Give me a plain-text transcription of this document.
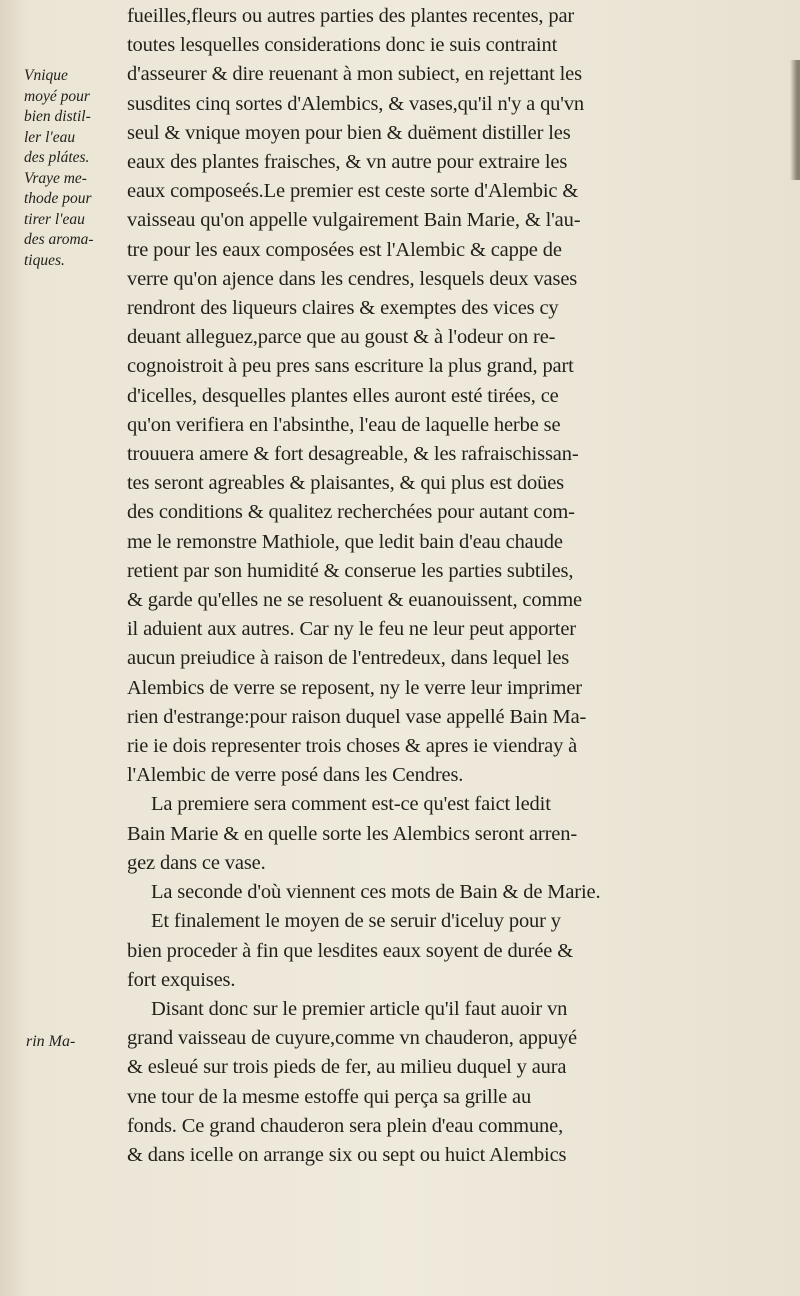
Vnique
moyé pour
bien distil-
ler l'eau
des plátes.
Vraye me-
thode pour
tirer l'eau
des aroma-
tiques.
rin Ma-
fueilles,fleurs ou autres parties des plantes recentes, par
toutes lesquelles considerations donc ie suis contraint
d'asseurer & dire reuenant à mon subiect, en rejettant les
susdites cinq sortes d'Alembics, & vases,qu'il n'y a qu'vn
seul & vnique moyen pour bien & duëment distiller les
eaux des plantes fraisches, & vn autre pour extraire les
eaux composeés.Le premier est ceste sorte d'Alembic &
vaisseau qu'on appelle vulgairement Bain Marie, & l'au-
tre pour les eaux composées est l'Alembic & cappe de
verre qu'on ajence dans les cendres, lesquels deux vases
rendront des liqueurs claires & exemptes des vices cy
deuant alleguez,parce que au goust & à l'odeur on re-
cognoistroit à peu pres sans escriture la plus grand, part
d'icelles, desquelles plantes elles auront esté tirées, ce
qu'on verifiera en l'absinthe, l'eau de laquelle herbe se
trouuera amere & fort desagreable, & les rafraischissan-
tes seront agreables & plaisantes, & qui plus est doües
des conditions & qualitez recherchées pour autant com-
me le remonstre Mathiole, que ledit bain d'eau chaude
retient par son humidité & conserue les parties subtiles,
& garde qu'elles ne se resoluent & euanouissent, comme
il aduient aux autres. Car ny le feu ne leur peut apporter
aucun preiudice à raison de l'entredeux, dans lequel les
Alembics de verre se reposent, ny le verre leur imprimer
rien d'estrange:pour raison duquel vase appellé Bain Ma-
rie ie dois representer trois choses & apres ie viendray à
l'Alembic de verre posé dans les Cendres.
La premiere sera comment est-ce qu'est faict ledit
Bain Marie & en quelle sorte les Alembics seront arren-
gez dans ce vase.
La seconde d'où viennent ces mots de Bain & de Marie.
Et finalement le moyen de se seruir d'iceluy pour y
bien proceder à fin que lesdites eaux soyent de durée &
fort exquises.
Disant donc sur le premier article qu'il faut auoir vn
grand vaisseau de cuyure,comme vn chauderon, appuyé
& esleué sur trois pieds de fer, au milieu duquel y aura
vne tour de la mesme estoffe qui perça sa grille au
fonds. Ce grand chauderon sera plein d'eau commune,
& dans icelle on arrange six ou sept ou huict Alembics
